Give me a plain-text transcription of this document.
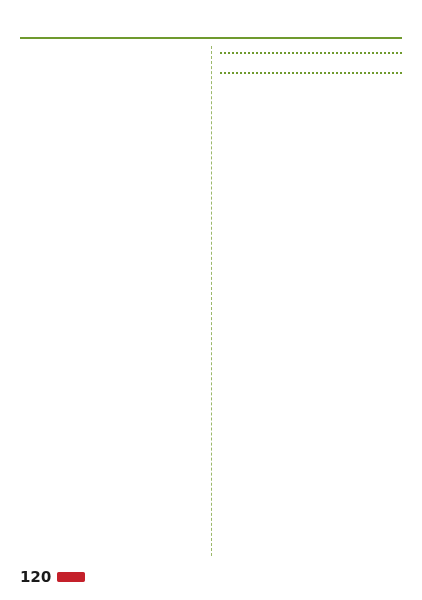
120
